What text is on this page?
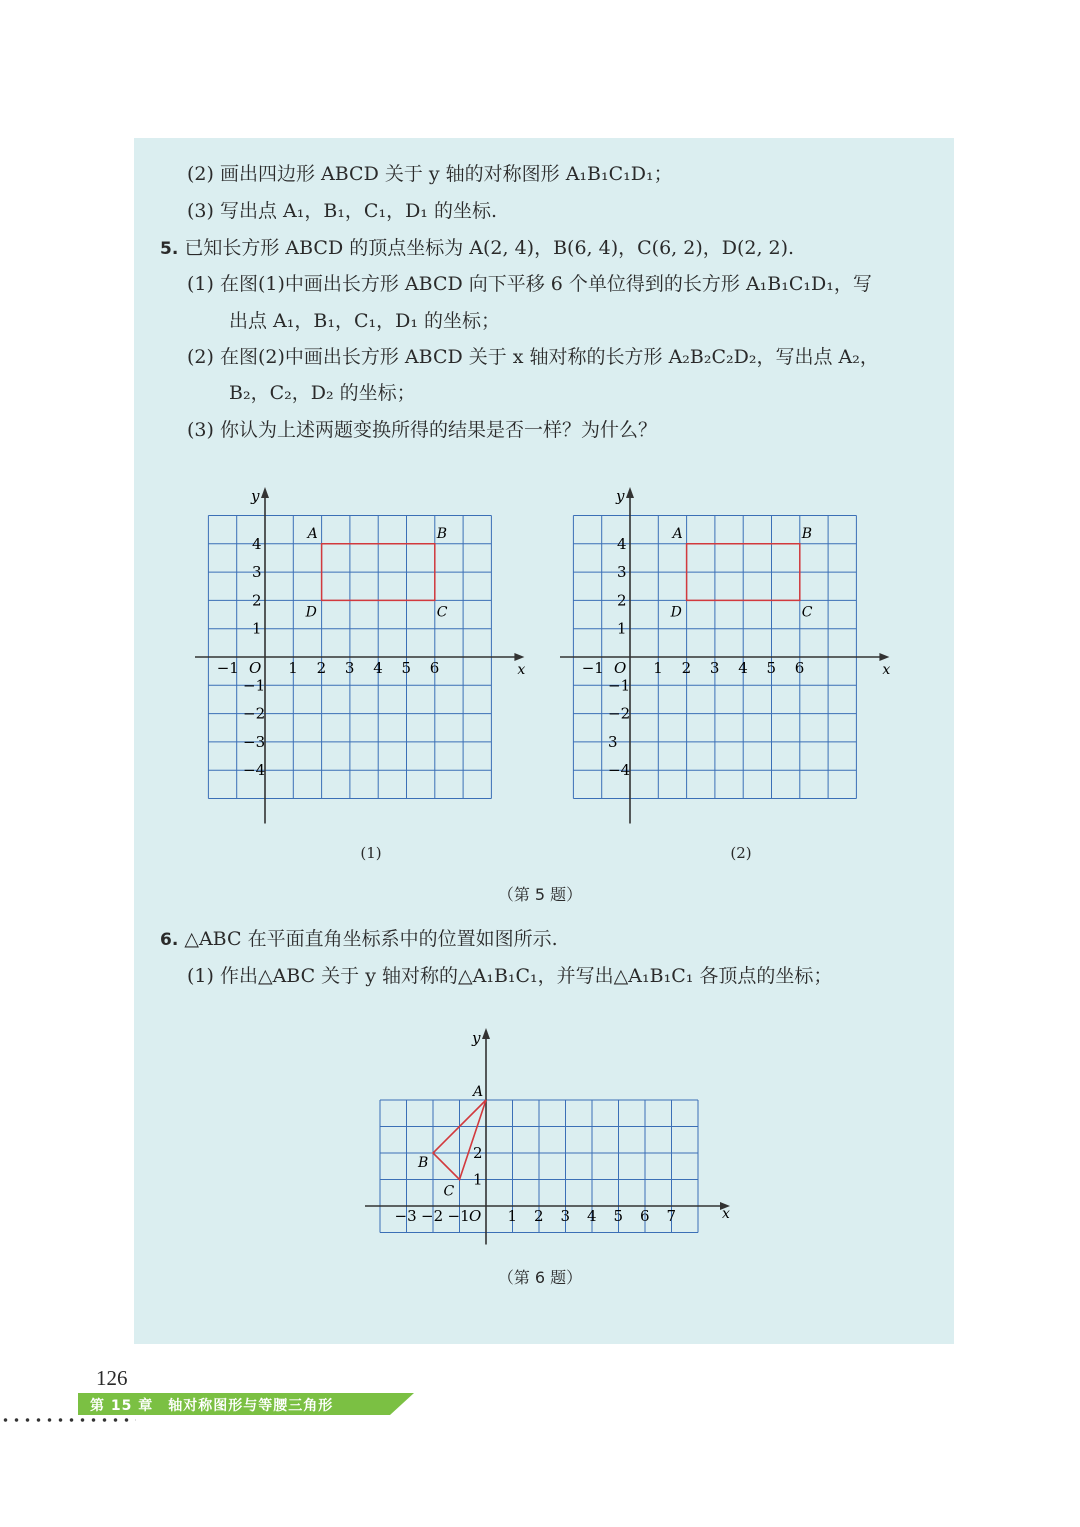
(2) 画出四边形 ABCD 关于 y 轴的对称图形 A₁B₁C₁D₁；
(3) 写出点 A₁，B₁，C₁，D₁ 的坐标.
5. 已知长方形 ABCD 的顶点坐标为 A(2, 4)，B(6, 4)，C(6, 2)，D(2, 2).
(1) 在图(1)中画出长方形 ABCD 向下平移 6 个单位得到的长方形 A₁B₁C₁D₁，写
出点 A₁，B₁，C₁，D₁ 的坐标；
(2) 在图(2)中画出长方形 ABCD 关于 x 轴对称的长方形 A₂B₂C₂D₂，写出点 A₂，
B₂，C₂，D₂ 的坐标；
(3) 你认为上述两题变换所得的结果是否一样？为什么？
x
y
−1 O 1 2 3 4 5 6
1
2
3
4
−1
−2
−3
−4
A	B
C
D
x
y
−1 O 1 2 3 4 5 6
1
2
3
4
−1
−2
3
−4
A	B
C
D
(1)	(2)
（第 5 题）
6. △ABC 在平面直角坐标系中的位置如图所示.
(1) 作出△ABC 关于 y 轴对称的△A₁B₁C₁，并写出△A₁B₁C₁ 各顶点的坐标；
x
y
−3 −2 −1 O 1 2 3 4 5 6 7
1
2
A
B
C
（第 6 题）
126
第 15 章　轴对称图形与等腰三角形
